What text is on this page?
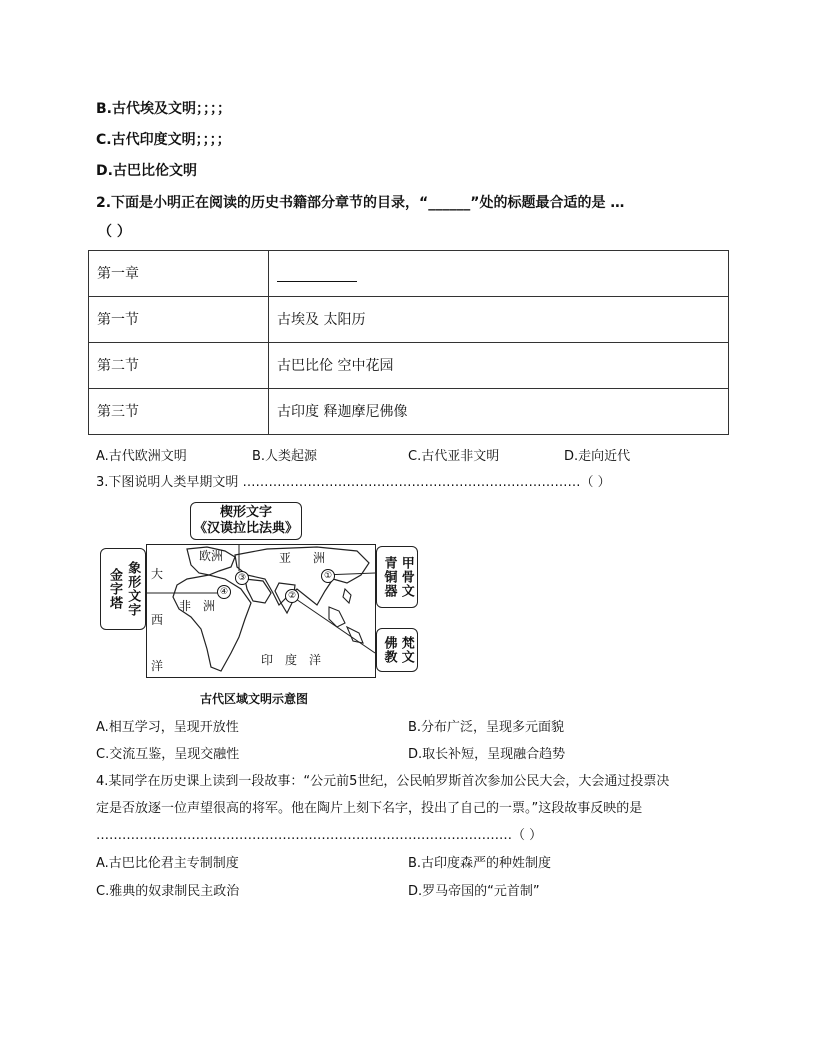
B.古代埃及文明；；；；
C.古代印度文明；；；；
D.古巴比伦文明
2.下面是小明正在阅读的历史书籍部分章节的目录，“______”处的标题最合适的是 …
（ ）
第一章	
第一节	古埃及 太阳历
第二节	古巴比伦 空中花园
第三节	古印度 释迦摩尼佛像
A.古代欧洲文明	B.人类起源	C.古代亚非文明	D.走向近代
3.下图说明人类早期文明 ……………………………………………………………………（ ）
楔形文字
《汉谟拉比法典》
金字塔 象形文字	青铜器 甲骨文
佛教 梵文
欧洲	亚 洲
大
非　洲
西
洋	印　度　洋
①
②
③
④
古代区域文明示意图
A.相互学习，呈现开放性	B.分布广泛，呈现多元面貌
C.交流互鉴，呈现交融性	D.取长补短，呈现融合趋势
4.某同学在历史课上读到一段故事：“公元前5世纪，公民帕罗斯首次参加公民大会，大会通过投票决
定是否放逐一位声望很高的将军。他在陶片上刻下名字，投出了自己的一票。”这段故事反映的是
……………………………………………………………………………………（ ）
A.古巴比伦君主专制制度	B.古印度森严的种姓制度
C.雅典的奴隶制民主政治	D.罗马帝国的“元首制”
